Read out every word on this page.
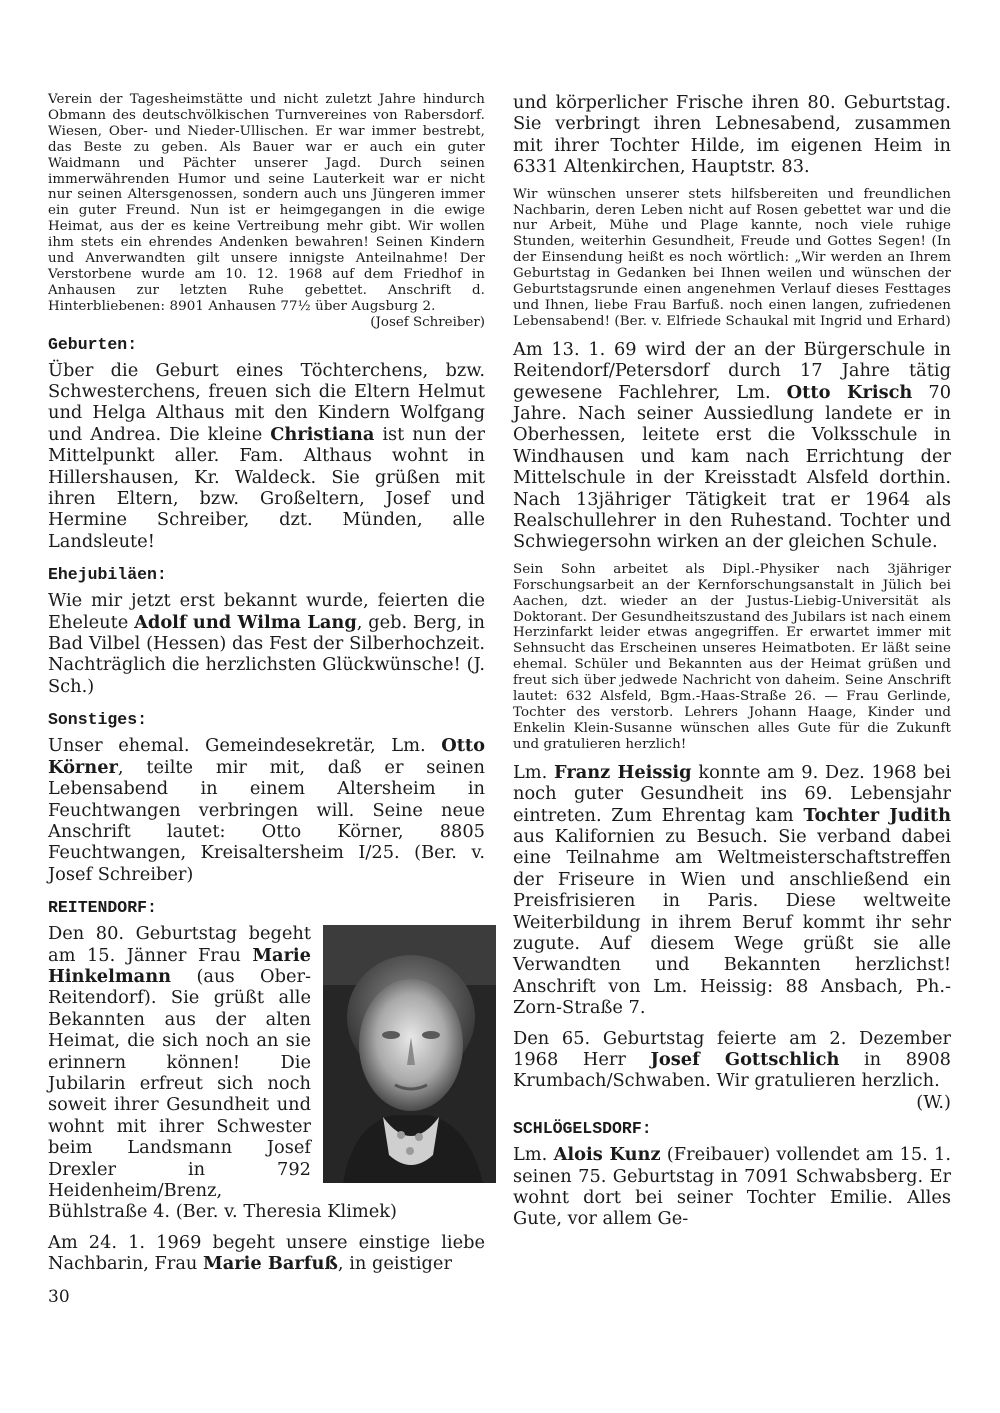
Verein der Tagesheimstätte und nicht zuletzt Jahre hindurch Obmann des deutschvölkischen Turnvereines von Rabersdorf. Wiesen, Ober- und Nieder-Ullischen. Er war immer bestrebt, das Beste zu geben. Als Bauer war er auch ein guter Waidmann und Pächter unserer Jagd. Durch seinen immerwährenden Humor und seine Lauterkeit war er nicht nur seinen Altersgenossen, sondern auch uns Jüngeren immer ein guter Freund. Nun ist er heimgegangen in die ewige Heimat, aus der es keine Vertreibung mehr gibt. Wir wollen ihm stets ein ehrendes Andenken bewahren! Seinen Kindern und Anverwandten gilt unsere innigste Anteilnahme! Der Verstorbene wurde am 10. 12. 1968 auf dem Friedhof in Anhausen zur letzten Ruhe gebettet. Anschrift d. Hinterbliebenen: 8901 Anhausen 77½ über Augsburg 2.

(Josef Schreiber)

Geburten:

Über die Geburt eines Töchterchens, bzw. Schwesterchens, freuen sich die Eltern Helmut und Helga Althaus mit den Kindern Wolfgang und Andrea. Die kleine Christiana ist nun der Mittelpunkt aller. Fam. Althaus wohnt in Hillershausen, Kr. Waldeck. Sie grüßen mit ihren Eltern, bzw. Großeltern, Josef und Hermine Schreiber, dzt. Münden, alle Landsleute!

Ehejubiläen:

Wie mir jetzt erst bekannt wurde, feierten die Eheleute Adolf und Wilma Lang, geb. Berg, in Bad Vilbel (Hessen) das Fest der Silberhochzeit. Nachträglich die herzlichsten Glückwünsche! (J. Sch.)

Sonstiges:

Unser ehemal. Gemeindesekretär, Lm. Otto Körner, teilte mir mit, daß er seinen Lebensabend in einem Altersheim in Feuchtwangen verbringen will. Seine neue Anschrift lautet: Otto Körner, 8805 Feuchtwangen, Kreisaltersheim I/25. (Ber. v. Josef Schreiber)

REITENDORF:

Den 80. Geburtstag begeht am 15. Jänner Frau Marie Hinkelmann (aus Ober-Reitendorf). Sie grüßt alle Bekannten aus der alten Heimat, die sich noch an sie erinnern können! Die Jubilarin erfreut sich noch soweit ihrer Gesundheit und wohnt mit ihrer Schwester beim Landsmann Josef Drexler in 792 Heidenheim/Brenz, Bühlstraße 4. (Ber. v. Theresia Klimek)

Am 24. 1. 1969 begeht unsere einstige liebe Nachbarin, Frau Marie Barfuß, in geistiger

und körperlicher Frische ihren 80. Geburtstag. Sie verbringt ihren Lebnesabend, zusammen mit ihrer Tochter Hilde, im eigenen Heim in 6331 Altenkirchen, Hauptstr. 83.

Wir wünschen unserer stets hilfsbereiten und freundlichen Nachbarin, deren Leben nicht auf Rosen gebettet war und die nur Arbeit, Mühe und Plage kannte, noch viele ruhige Stunden, weiterhin Gesundheit, Freude und Gottes Segen! (In der Einsendung heißt es noch wörtlich: „Wir werden an Ihrem Geburtstag in Gedanken bei Ihnen weilen und wünschen der Geburtstagsrunde einen angenehmen Verlauf dieses Festtages und Ihnen, liebe Frau Barfuß. noch einen langen, zufriedenen Lebensabend! (Ber. v. Elfriede Schaukal mit Ingrid und Erhard)

Am 13. 1. 69 wird der an der Bürgerschule in Reitendorf/Petersdorf durch 17 Jahre tätig gewesene Fachlehrer, Lm. Otto Krisch 70 Jahre. Nach seiner Aussiedlung landete er in Oberhessen, leitete erst die Volksschule in Windhausen und kam nach Errichtung der Mittelschule in der Kreisstadt Alsfeld dorthin. Nach 13jähriger Tätigkeit trat er 1964 als Realschullehrer in den Ruhestand. Tochter und Schwiegersohn wirken an der gleichen Schule.

Sein Sohn arbeitet als Dipl.-Physiker nach 3jähriger Forschungsarbeit an der Kernforschungsanstalt in Jülich bei Aachen, dzt. wieder an der Justus-Liebig-Universität als Doktorant. Der Gesundheitszustand des Jubilars ist nach einem Herzinfarkt leider etwas angegriffen. Er erwartet immer mit Sehnsucht das Erscheinen unseres Heimatboten. Er läßt seine ehemal. Schüler und Bekannten aus der Heimat grüßen und freut sich über jedwede Nachricht von daheim. Seine Anschrift lautet: 632 Alsfeld, Bgm.-Haas-Straße 26. — Frau Gerlinde, Tochter des verstorb. Lehrers Johann Haage, Kinder und Enkelin Klein-Susanne wünschen alles Gute für die Zukunft und gratulieren herzlich!

Lm. Franz Heissig konnte am 9. Dez. 1968 bei noch guter Gesundheit ins 69. Lebensjahr eintreten. Zum Ehrentag kam Tochter Judith aus Kalifornien zu Besuch. Sie verband dabei eine Teilnahme am Weltmeisterschaftstreffen der Friseure in Wien und anschließend ein Preisfrisieren in Paris. Diese weltweite Weiterbildung in ihrem Beruf kommt ihr sehr zugute. Auf diesem Wege grüßt sie alle Verwandten und Bekannten herzlichst! Anschrift von Lm. Heissig: 88 Ansbach, Ph.-Zorn-Straße 7.

Den 65. Geburtstag feierte am 2. Dezember 1968 Herr Josef Gottschlich in 8908 Krumbach/Schwaben. Wir gratulieren herzlich.

(W.)

SCHLÖGELSDORF:

Lm. Alois Kunz (Freibauer) vollendet am 15. 1. seinen 75. Geburtstag in 7091 Schwabsberg. Er wohnt dort bei seiner Tochter Emilie. Alles Gute, vor allem Ge-

30
